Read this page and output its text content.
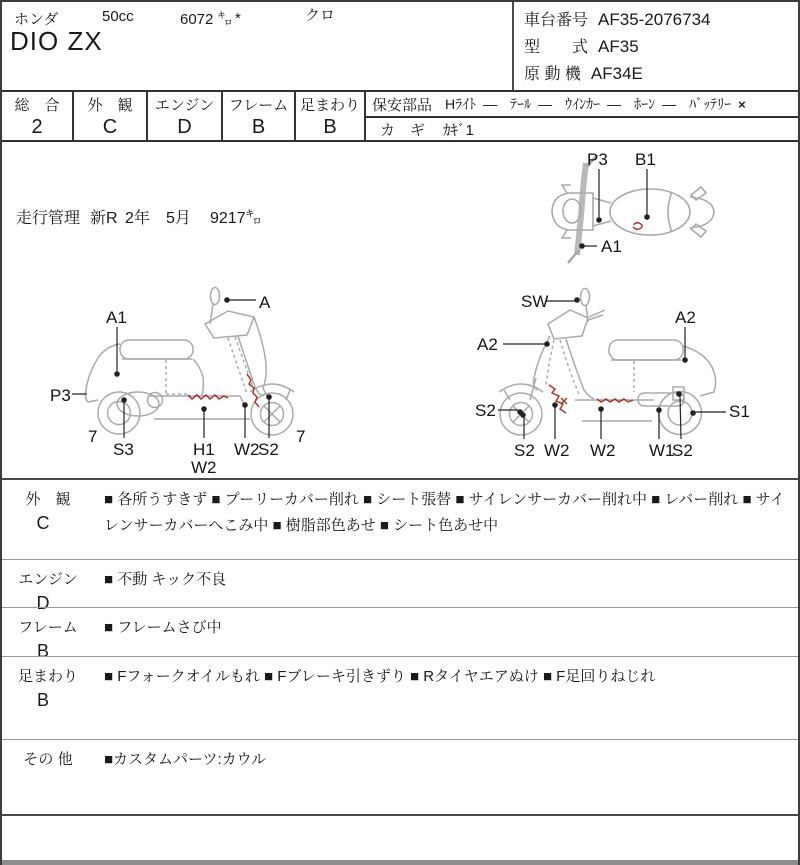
ホンダ	50cc	6072 ㌔ *	クロ
DIO ZX
車台番号 AF35-2076734
型　　式 AF35
原 動 機 AF34E
総　合
2
外　観
C
エンジン
D
フレーム
B
足まわり
B
保安部品 Hﾗｲﾄ — ﾃｰﾙ — ｳｲﾝｶｰ — ﾎｰﾝ — ﾊﾞｯﾃﾘｰ ×
カ　ギ ｶｷﾞ1
走行管理 新R 2年 5月 9217㌔
P3 B1
A1
A1
A
P3
7
S3	H1
W2
W2
S2
7
SW
A2
A2
S2
S2 W2 W2 W1
S2
S1
外　観
C
■ 各所うすきず ■ プーリーカバー削れ ■ シート張替 ■ サイレンサーカバー削れ中 ■ レバー削れ ■ サイレンサーカバーへこみ中 ■ 樹脂部色あせ ■ シート色あせ中
エンジン
D
■ 不動 キック不良
フレーム
B
■ フレームさび中
足まわり
B
■ Fフォークオイルもれ ■ Fブレーキ引きずり ■ Rタイヤエアぬけ ■ F足回りねじれ
その 他	■カスタムパーツ:カウル
